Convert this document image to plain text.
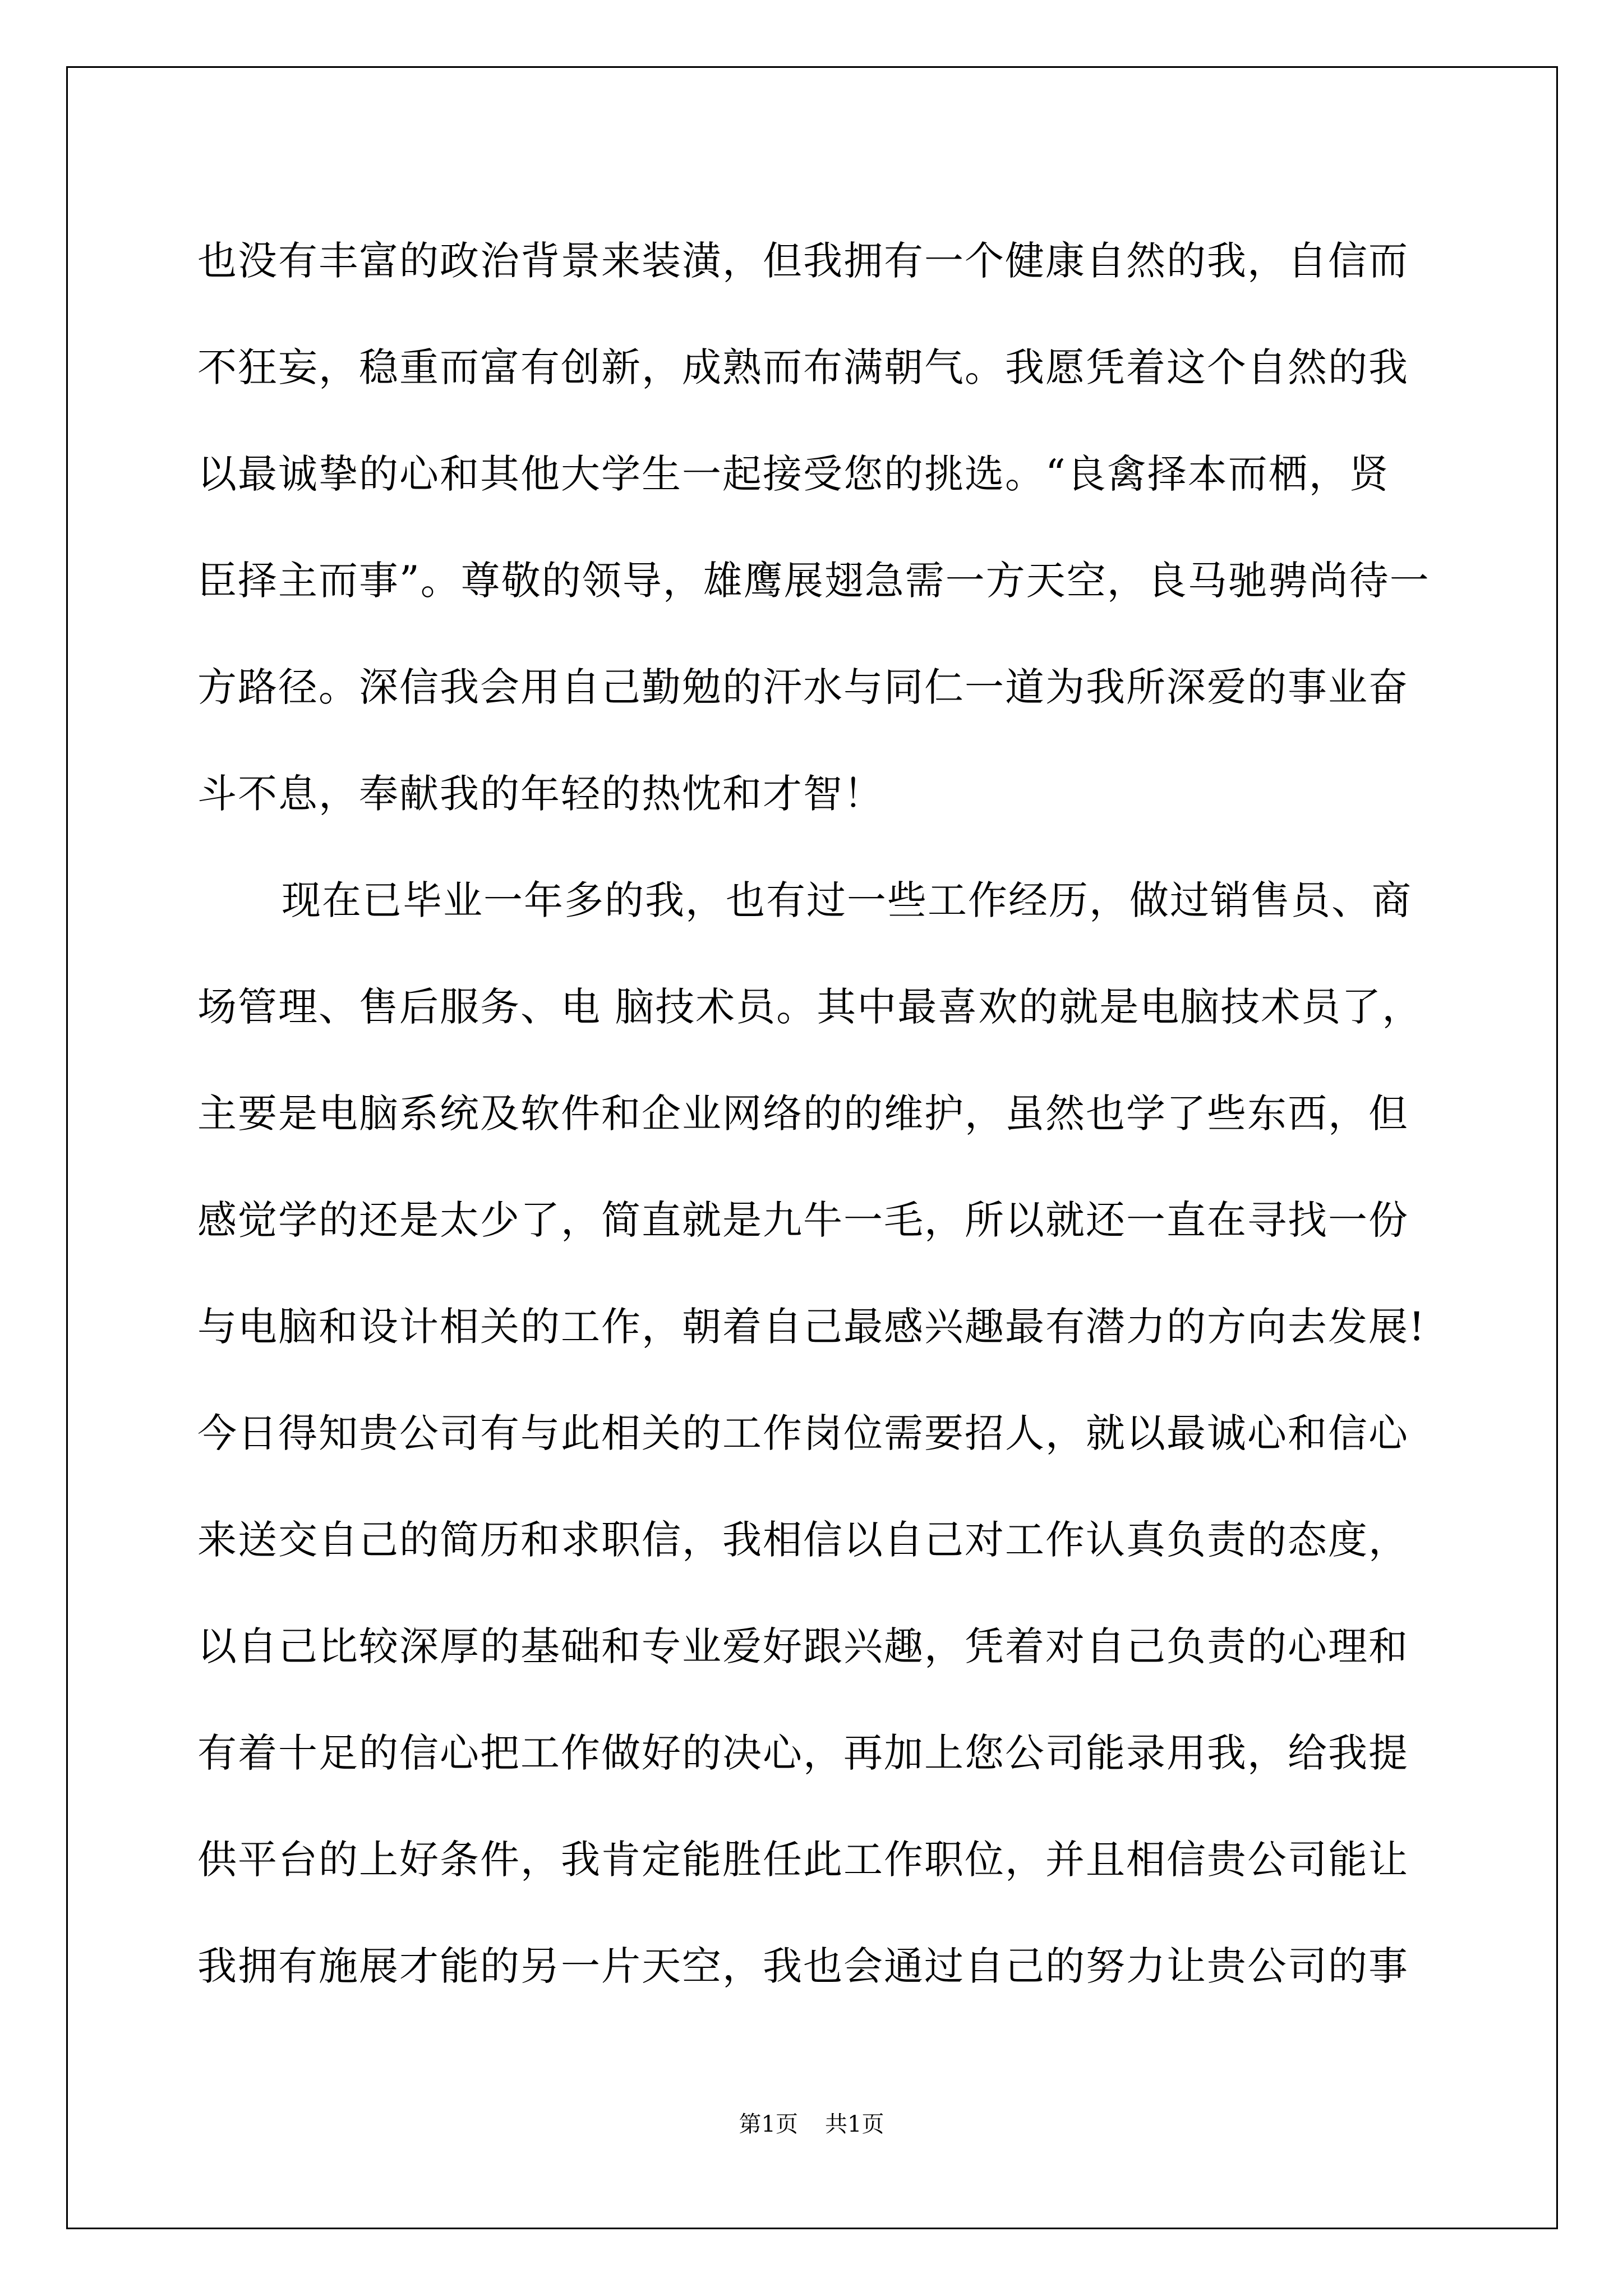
也没有丰富的政治背景来装潢，但我拥有一个健康自然的我，自信而
不狂妄，稳重而富有创新，成熟而布满朝气。我愿凭着这个自然的我
以最诚挚的心和其他大学生一起接受您的挑选。“良禽择本而栖，贤
臣择主而事”。尊敬的领导，雄鹰展翅急需一方天空，良马驰骋尚待一
方路径。深信我会用自己勤勉的汗水与同仁一道为我所深爱的事业奋
斗不息，奉献我的年轻的热忱和才智！
现在已毕业一年多的我，也有过一些工作经历，做过销售员、商
场管理、售后服务、电 脑技术员。其中最喜欢的就是电脑技术员了，
主要是电脑系统及软件和企业网络的的维护，虽然也学了些东西，但
感觉学的还是太少了，简直就是九牛一毛，所以就还一直在寻找一份
与电脑和设计相关的工作，朝着自己最感兴趣最有潜力的方向去发展!
今日得知贵公司有与此相关的工作岗位需要招人，就以最诚心和信心
来送交自己的简历和求职信，我相信以自己对工作认真负责的态度，
以自己比较深厚的基础和专业爱好跟兴趣，凭着对自己负责的心理和
有着十足的信心把工作做好的决心，再加上您公司能录用我，给我提
供平台的上好条件，我肯定能胜任此工作职位，并且相信贵公司能让
我拥有施展才能的另一片天空，我也会通过自己的努力让贵公司的事
第1页 共1页
